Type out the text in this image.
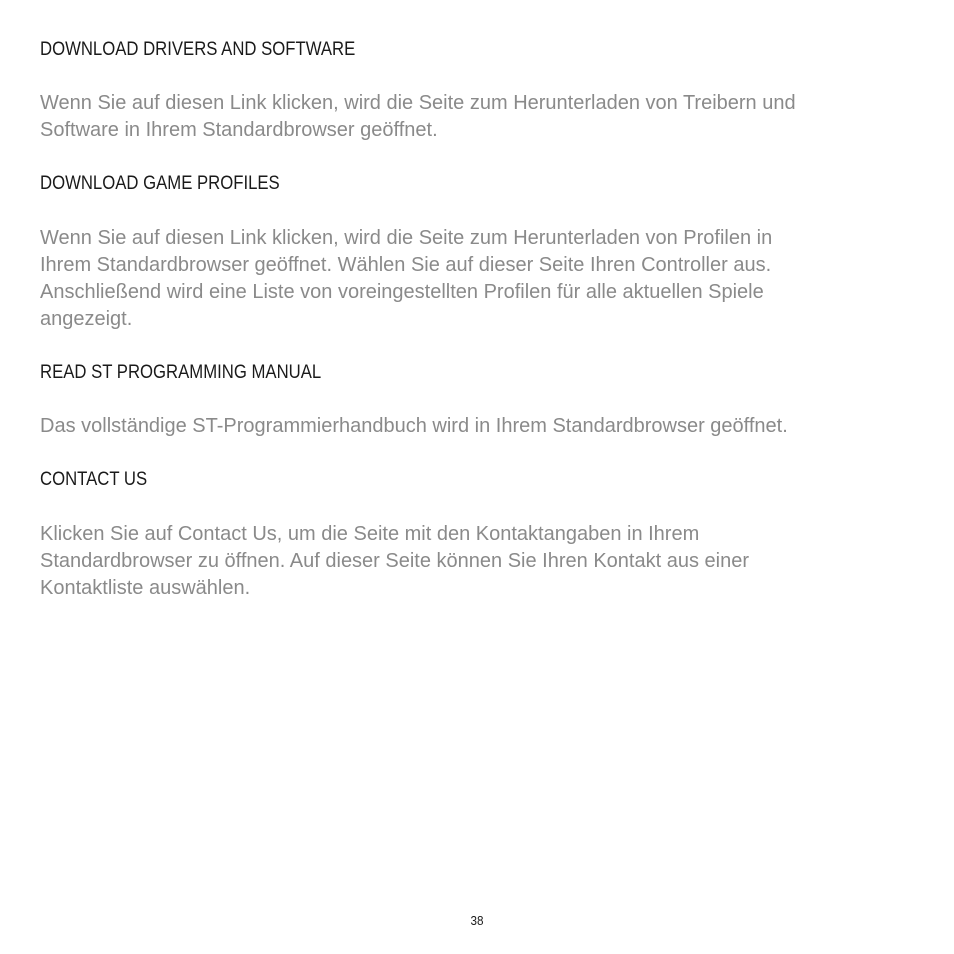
DOWNLOAD DRIVERS AND SOFTWARE

Wenn Sie auf diesen Link klicken, wird die Seite zum Herunterladen von Treibern und
Software in Ihrem Standardbrowser geöffnet.

DOWNLOAD GAME PROFILES

Wenn Sie auf diesen Link klicken, wird die Seite zum Herunterladen von Profilen in
Ihrem Standardbrowser geöffnet. Wählen Sie auf dieser Seite Ihren Controller aus.
Anschließend wird eine Liste von voreingestellten Profilen für alle aktuellen Spiele
angezeigt.

READ ST PROGRAMMING MANUAL

Das vollständige ST-Programmierhandbuch wird in Ihrem Standardbrowser geöffnet.

CONTACT US

Klicken Sie auf Contact Us, um die Seite mit den Kontaktangaben in Ihrem
Standardbrowser zu öffnen. Auf dieser Seite können Sie Ihren Kontakt aus einer
Kontaktliste auswählen.

38
